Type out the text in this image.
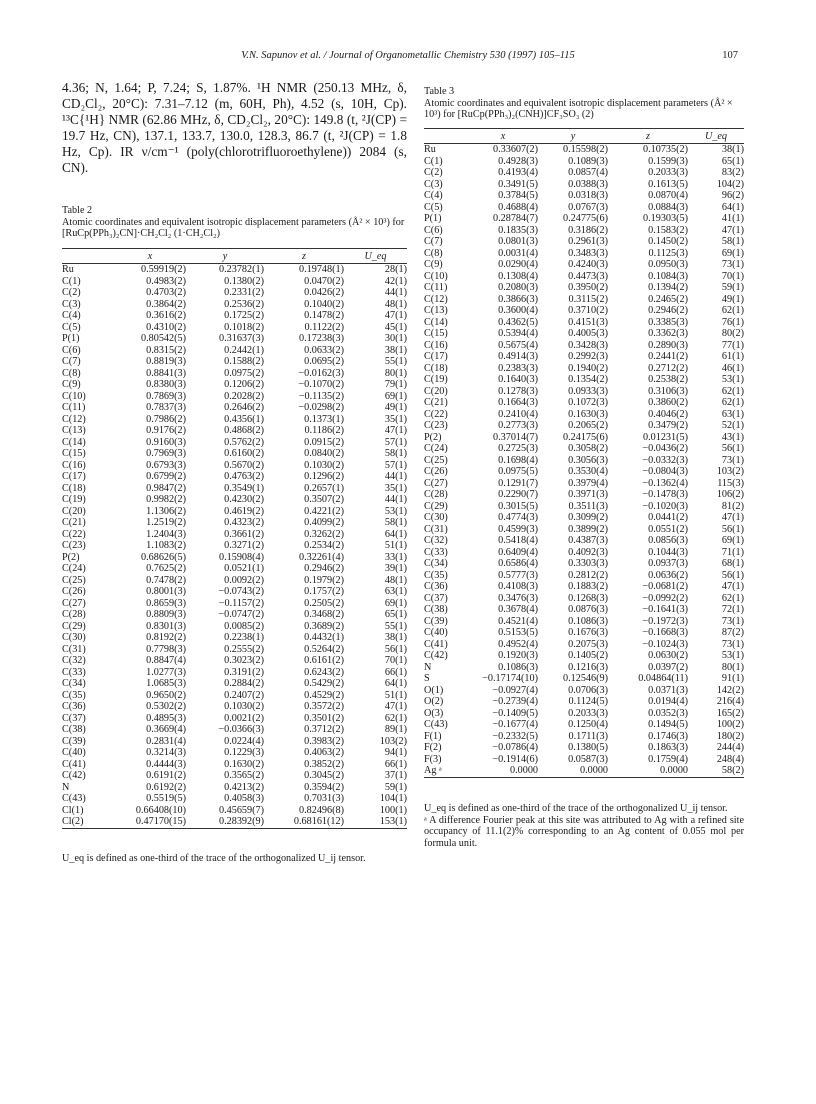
V.N. Sapunov et al. / Journal of Organometallic Chemistry 530 (1997) 105–115	107

4.36; N, 1.64; P, 7.24; S, 1.87%. ¹H NMR (250.13 MHz, δ, CD₂Cl₂, 20°C): 7.31–7.12 (m, 60H, Ph), 4.52 (s, 10H, Cp). ¹³C{¹H} NMR (62.86 MHz, δ, CD₂Cl₂, 20°C): 149.8 (t, ²J(CP) = 19.7 Hz, CN), 137.1, 133.7, 130.0, 128.3, 86.7 (t, ²J(CP) = 1.8 Hz, Cp). IR ν/cm⁻¹ (poly(chlorotrifluoroethylene)) 2084 (s, CN).

Table 2

Atomic coordinates and equivalent isotropic displacement parameters (Å² × 10³) for [RuCp(PPh₃)₂CN]·CH₂Cl₂ (1·CH₂Cl₂)

	x	y	z	U_eq
Ru	0.59919(2)	0.23782(1)	0.19748(1)	28(1)
C(1)	0.4983(2)	0.1380(2)	0.0470(2)	42(1)
C(2)	0.4703(2)	0.2331(2)	0.0426(2)	44(1)
C(3)	0.3864(2)	0.2536(2)	0.1040(2)	48(1)
C(4)	0.3616(2)	0.1725(2)	0.1478(2)	47(1)
C(5)	0.4310(2)	0.1018(2)	0.1122(2)	45(1)
P(1)	0.80542(5)	0.31637(3)	0.17238(3)	30(1)
C(6)	0.8315(2)	0.2442(1)	0.0633(2)	38(1)
C(7)	0.8819(3)	0.1588(2)	0.0695(2)	55(1)
C(8)	0.8841(3)	0.0975(2)	−0.0162(3)	80(1)
C(9)	0.8380(3)	0.1206(2)	−0.1070(2)	79(1)
C(10)	0.7869(3)	0.2028(2)	−0.1135(2)	69(1)
C(11)	0.7837(3)	0.2646(2)	−0.0298(2)	49(1)
C(12)	0.7986(2)	0.4356(1)	0.1373(1)	35(1)
C(13)	0.9176(2)	0.4868(2)	0.1186(2)	47(1)
C(14)	0.9160(3)	0.5762(2)	0.0915(2)	57(1)
C(15)	0.7969(3)	0.6160(2)	0.0840(2)	58(1)
C(16)	0.6793(3)	0.5670(2)	0.1030(2)	57(1)
C(17)	0.6799(2)	0.4763(2)	0.1296(2)	44(1)
C(18)	0.9847(2)	0.3549(1)	0.2657(1)	35(1)
C(19)	0.9982(2)	0.4230(2)	0.3507(2)	44(1)
C(20)	1.1306(2)	0.4619(2)	0.4221(2)	53(1)
C(21)	1.2519(2)	0.4323(2)	0.4099(2)	58(1)
C(22)	1.2404(3)	0.3661(2)	0.3262(2)	64(1)
C(23)	1.1083(2)	0.3271(2)	0.2534(2)	51(1)
P(2)	0.68626(5)	0.15908(4)	0.32261(4)	33(1)
C(24)	0.7625(2)	0.0521(1)	0.2946(2)	39(1)
C(25)	0.7478(2)	0.0092(2)	0.1979(2)	48(1)
C(26)	0.8001(3)	−0.0743(2)	0.1757(2)	63(1)
C(27)	0.8659(3)	−0.1157(2)	0.2505(2)	69(1)
C(28)	0.8809(3)	−0.0747(2)	0.3468(2)	65(1)
C(29)	0.8301(3)	0.0085(2)	0.3689(2)	55(1)
C(30)	0.8192(2)	0.2238(1)	0.4432(1)	38(1)
C(31)	0.7798(3)	0.2555(2)	0.5264(2)	56(1)
C(32)	0.8847(4)	0.3023(2)	0.6161(2)	70(1)
C(33)	1.0277(3)	0.3191(2)	0.6243(2)	66(1)
C(34)	1.0685(3)	0.2884(2)	0.5429(2)	64(1)
C(35)	0.9650(2)	0.2407(2)	0.4529(2)	51(1)
C(36)	0.5302(2)	0.1030(2)	0.3572(2)	47(1)
C(37)	0.4895(3)	0.0021(2)	0.3501(2)	62(1)
C(38)	0.3669(4)	−0.0366(3)	0.3712(2)	89(1)
C(39)	0.2831(4)	0.0224(4)	0.3983(2)	103(2)
C(40)	0.3214(3)	0.1229(3)	0.4063(2)	94(1)
C(41)	0.4444(3)	0.1630(2)	0.3852(2)	66(1)
C(42)	0.6191(2)	0.3565(2)	0.3045(2)	37(1)
N	0.6192(2)	0.4213(2)	0.3594(2)	59(1)
C(43)	0.5519(5)	0.4058(3)	0.7031(3)	104(1)
Cl(1)	0.66408(10)	0.45659(7)	0.82496(8)	100(1)
Cl(2)	0.47170(15)	0.28392(9)	0.68161(12)	153(1)

U_eq is defined as one-third of the trace of the orthogonalized U_ij tensor.

Table 3

Atomic coordinates and equivalent isotropic displacement parameters (Å² × 10³) for [RuCp(PPh₃)₂(CNH)]CF₃SO₃ (2)

	x	y	z	U_eq
Ru	0.33607(2)	0.15598(2)	0.10735(2)	38(1)
C(1)	0.4928(3)	0.1089(3)	0.1599(3)	65(1)
C(2)	0.4193(4)	0.0857(4)	0.2033(3)	83(2)
C(3)	0.3491(5)	0.0388(3)	0.1613(5)	104(2)
C(4)	0.3784(5)	0.0318(3)	0.0870(4)	96(2)
C(5)	0.4688(4)	0.0767(3)	0.0884(3)	64(1)
P(1)	0.28784(7)	0.24775(6)	0.19303(5)	41(1)
C(6)	0.1835(3)	0.3186(2)	0.1583(2)	47(1)
C(7)	0.0801(3)	0.2961(3)	0.1450(2)	58(1)
C(8)	0.0031(4)	0.3483(3)	0.1125(3)	69(1)
C(9)	0.0290(4)	0.4240(3)	0.0950(3)	73(1)
C(10)	0.1308(4)	0.4473(3)	0.1084(3)	70(1)
C(11)	0.2080(3)	0.3950(2)	0.1394(2)	59(1)
C(12)	0.3866(3)	0.3115(2)	0.2465(2)	49(1)
C(13)	0.3600(4)	0.3710(2)	0.2946(2)	62(1)
C(14)	0.4362(5)	0.4151(3)	0.3385(3)	76(1)
C(15)	0.5394(4)	0.4005(3)	0.3362(3)	80(2)
C(16)	0.5675(4)	0.3428(3)	0.2890(3)	77(1)
C(17)	0.4914(3)	0.2992(3)	0.2441(2)	61(1)
C(18)	0.2383(3)	0.1940(2)	0.2712(2)	46(1)
C(19)	0.1640(3)	0.1354(2)	0.2538(2)	53(1)
C(20)	0.1278(3)	0.0933(3)	0.3106(3)	62(1)
C(21)	0.1664(3)	0.1072(3)	0.3860(2)	62(1)
C(22)	0.2410(4)	0.1630(3)	0.4046(2)	63(1)
C(23)	0.2773(3)	0.2065(2)	0.3479(2)	52(1)
P(2)	0.37014(7)	0.24175(6)	0.01231(5)	43(1)
C(24)	0.2725(3)	0.3058(2)	−0.0436(2)	56(1)
C(25)	0.1698(4)	0.3056(3)	−0.0332(3)	73(1)
C(26)	0.0975(5)	0.3530(4)	−0.0804(3)	103(2)
C(27)	0.1291(7)	0.3979(4)	−0.1362(4)	115(3)
C(28)	0.2290(7)	0.3971(3)	−0.1478(3)	106(2)
C(29)	0.3015(5)	0.3511(3)	−0.1020(3)	81(2)
C(30)	0.4774(3)	0.3099(2)	0.0441(2)	47(1)
C(31)	0.4599(3)	0.3899(2)	0.0551(2)	56(1)
C(32)	0.5418(4)	0.4387(3)	0.0856(3)	69(1)
C(33)	0.6409(4)	0.4092(3)	0.1044(3)	71(1)
C(34)	0.6586(4)	0.3303(3)	0.0937(3)	68(1)
C(35)	0.5777(3)	0.2812(2)	0.0636(2)	56(1)
C(36)	0.4108(3)	0.1883(2)	−0.0681(2)	47(1)
C(37)	0.3476(3)	0.1268(3)	−0.0992(2)	62(1)
C(38)	0.3678(4)	0.0876(3)	−0.1641(3)	72(1)
C(39)	0.4521(4)	0.1086(3)	−0.1972(3)	73(1)
C(40)	0.5153(5)	0.1676(3)	−0.1668(3)	87(2)
C(41)	0.4952(4)	0.2075(3)	−0.1024(3)	73(1)
C(42)	0.1920(3)	0.1405(2)	0.0630(2)	53(1)
N	0.1086(3)	0.1216(3)	0.0397(2)	80(1)
S	−0.17174(10)	0.12546(9)	0.04864(11)	91(1)
O(1)	−0.0927(4)	0.0706(3)	0.0371(3)	142(2)
O(2)	−0.2739(4)	0.1124(5)	0.0194(4)	216(4)
O(3)	−0.1409(5)	0.2033(3)	0.0352(3)	165(2)
C(43)	−0.1677(4)	0.1250(4)	0.1494(5)	100(2)
F(1)	−0.2332(5)	0.1711(3)	0.1746(3)	180(2)
F(2)	−0.0786(4)	0.1380(5)	0.1863(3)	244(4)
F(3)	−0.1914(6)	0.0587(3)	0.1759(4)	248(4)
Ag ᵃ	0.0000	0.0000	0.0000	58(2)

U_eq is defined as one-third of the trace of the orthogonalized U_ij tensor.

ᵃ A difference Fourier peak at this site was attributed to Ag with a refined site occupancy of 11.1(2)% corresponding to an Ag content of 0.055 mol per formula unit.
